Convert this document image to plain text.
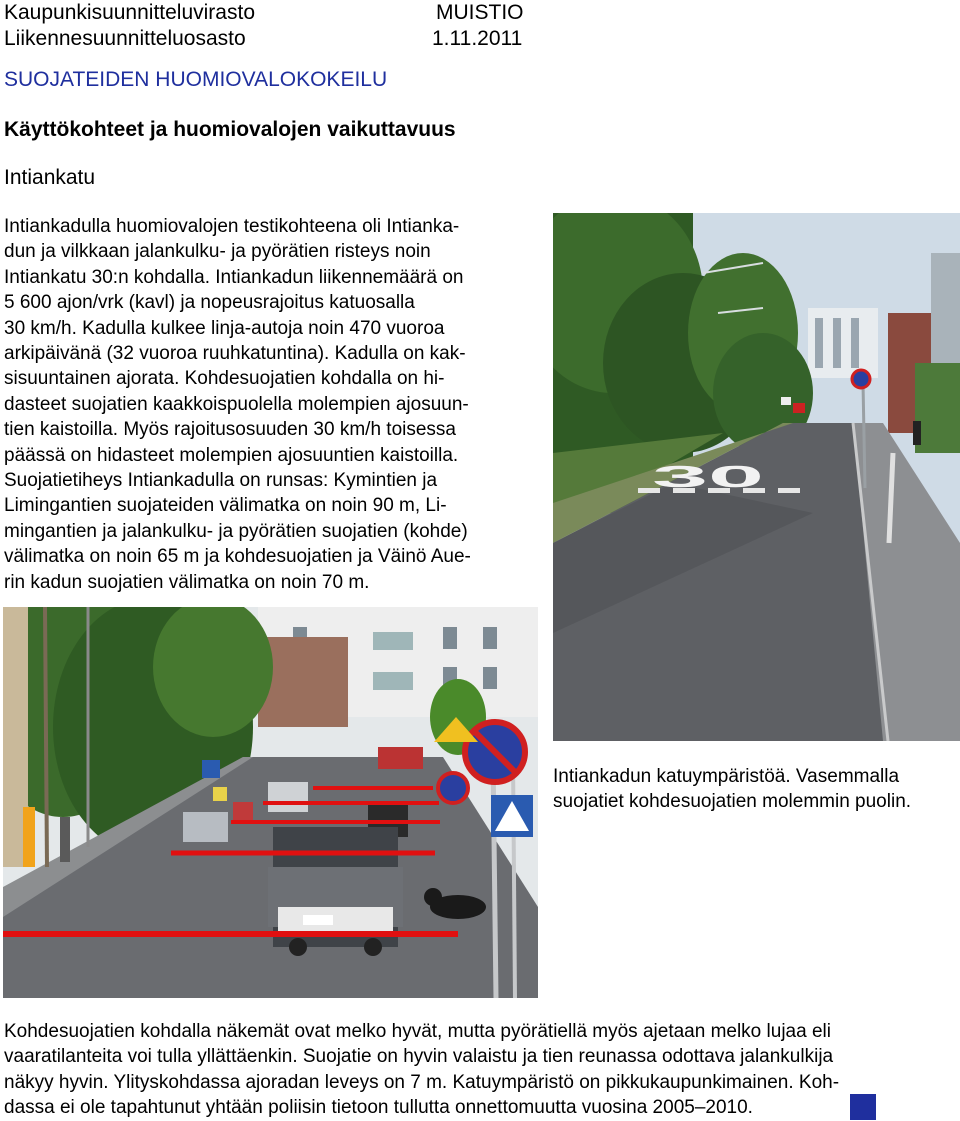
Kaupunkisuunnitteluvirasto
Liikennesuunnitteluosasto
MUISTIO
1.11.2011
SUOJATEIDEN HUOMIOVALOKOKEILU
Käyttökohteet ja huomiovalojen vaikuttavuus
Intiankatu
Intiankadulla huomiovalojen testikohteena oli Intianka-
dun ja vilkkaan jalankulku- ja pyörätien risteys noin
Intiankatu 30:n kohdalla. Intiankadun liikennemäärä on
5 600 ajon/vrk (kavl) ja nopeusrajoitus katuosalla
30 km/h. Kadulla kulkee linja-autoja noin 470 vuoroa
arkipäivänä (32 vuoroa ruuhkatuntina). Kadulla on kak-
sisuuntainen ajorata. Kohdesuojatien kohdalla on hi-
dasteet suojatien kaakkoispuolella molempien ajosuun-
tien kaistoilla. Myös rajoitusosuuden 30 km/h toisessa
päässä on hidasteet molempien ajosuuntien kaistoilla.
Suojatietiheys Intiankadulla on runsas: Kymintien ja
Limingantien suojateiden välimatka on noin 90 m, Li-
mingantien ja jalankulku- ja pyörätien suojatien (kohde)
välimatka on noin 65 m ja kohdesuojatien ja Väinö Aue-
rin kadun suojatien välimatka on noin 70 m.
30
Intiankadun katuympäristöä. Vasemmalla
suojatiet kohdesuojatien molemmin puolin.
Kohdesuojatien kohdalla näkemät ovat melko hyvät, mutta pyörätiellä myös ajetaan melko lujaa eli
vaaratilanteita voi tulla yllättäenkin. Suojatie on hyvin valaistu ja tien reunassa odottava jalankulkija
näkyy hyvin. Ylityskohdassa ajoradan leveys on 7 m. Katuympäristö on pikkukaupunkimainen. Koh-
dassa ei ole tapahtunut yhtään poliisin tietoon tullutta onnettomuutta vuosina 2005–2010.
